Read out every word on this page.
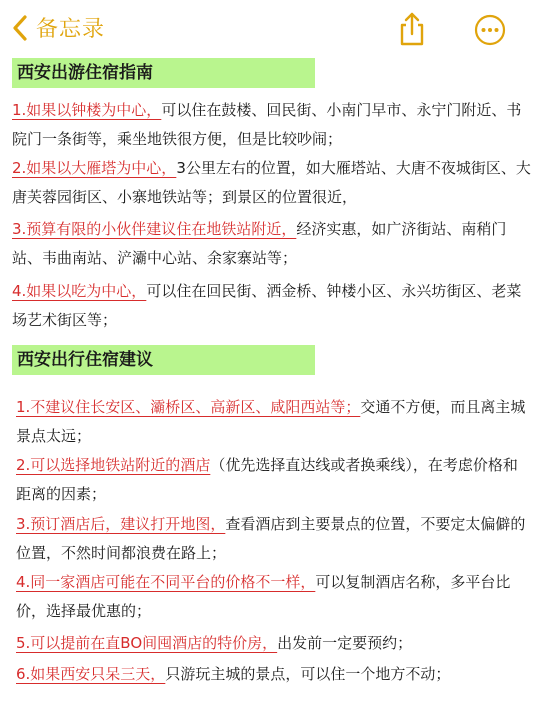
备忘录
西安出游住宿指南
1.如果以钟楼为中心，可以住在鼓楼、回民街、小南门早市、永宁门附近、书院门一条街等，乘坐地铁很方便，但是比较吵闹；
2.如果以大雁塔为中心，3公里左右的位置，如大雁塔站、大唐不夜城街区、大唐芙蓉园街区、小寨地铁站等；到景区的位置很近，
3.预算有限的小伙伴建议住在地铁站附近，经济实惠，如广济街站、南稍门站、韦曲南站、浐灞中心站、余家寨站等；
4.如果以吃为中心，可以住在回民街、洒金桥、钟楼小区、永兴坊街区、老菜场艺术街区等；
西安出行住宿建议
1.不建议住长安区、灞桥区、高新区、咸阳西站等；交通不方便，而且离主城景点太远；
2.可以选择地铁站附近的酒店（优先选择直达线或者换乘线），在考虑价格和距离的因素；
3.预订酒店后，建议打开地图，查看酒店到主要景点的位置，不要定太偏僻的位置，不然时间都浪费在路上；
4.同一家酒店可能在不同平台的价格不一样，可以复制酒店名称，多平台比价，选择最优惠的；
5.可以提前在直BO间囤酒店的特价房，出发前一定要预约；
6.如果西安只呆三天，只游玩主城的景点，可以住一个地方不动；
